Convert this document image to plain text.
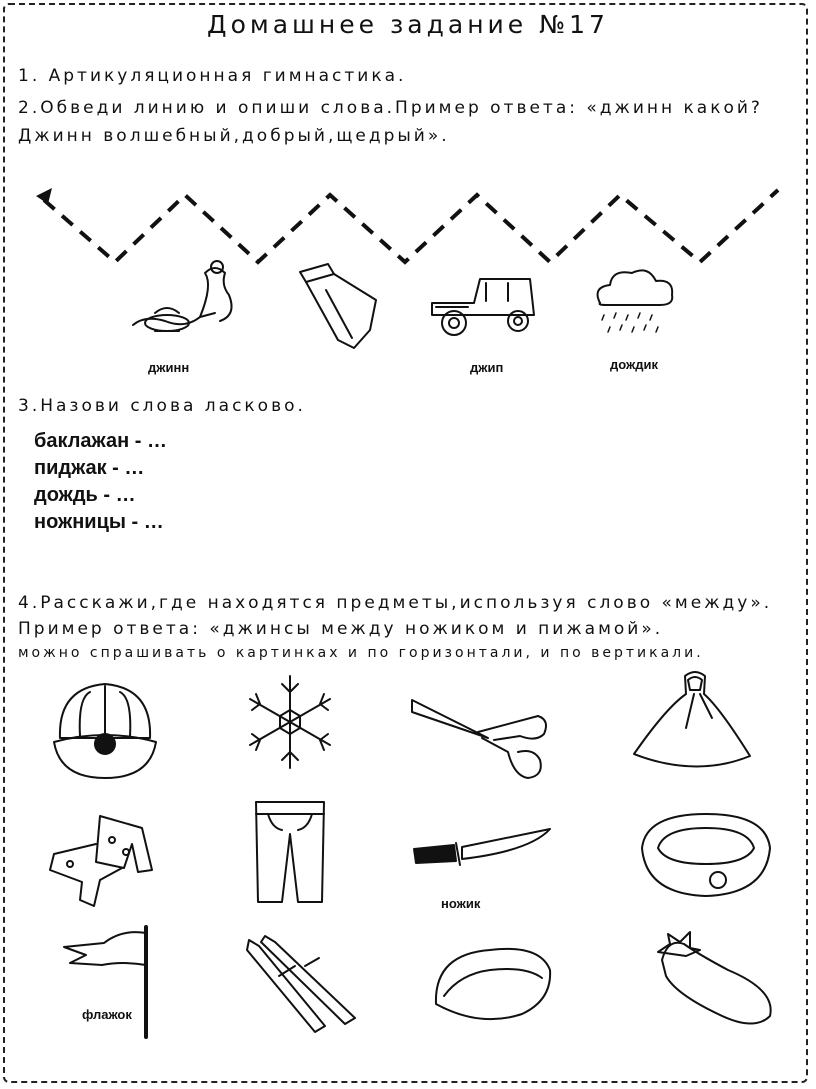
Домашнее задание №17
1. Артикуляционная гимнастика.
2.Обведи линию и опиши слова.Пример ответа: «джинн какой?
Джинн волшебный,добрый,щедрый».
джинн	джип	дождик
3.Назови слова ласково.
баклажан - …
пиджак - …
дождь - …
ножницы - …
4.Расскажи,где находятся предметы,используя слово «между».
Пример ответа: «джинсы между ножиком и пижамой».
можно спрашивать о картинках и по горизонтали, и по вертикали.
ножик
флажок
